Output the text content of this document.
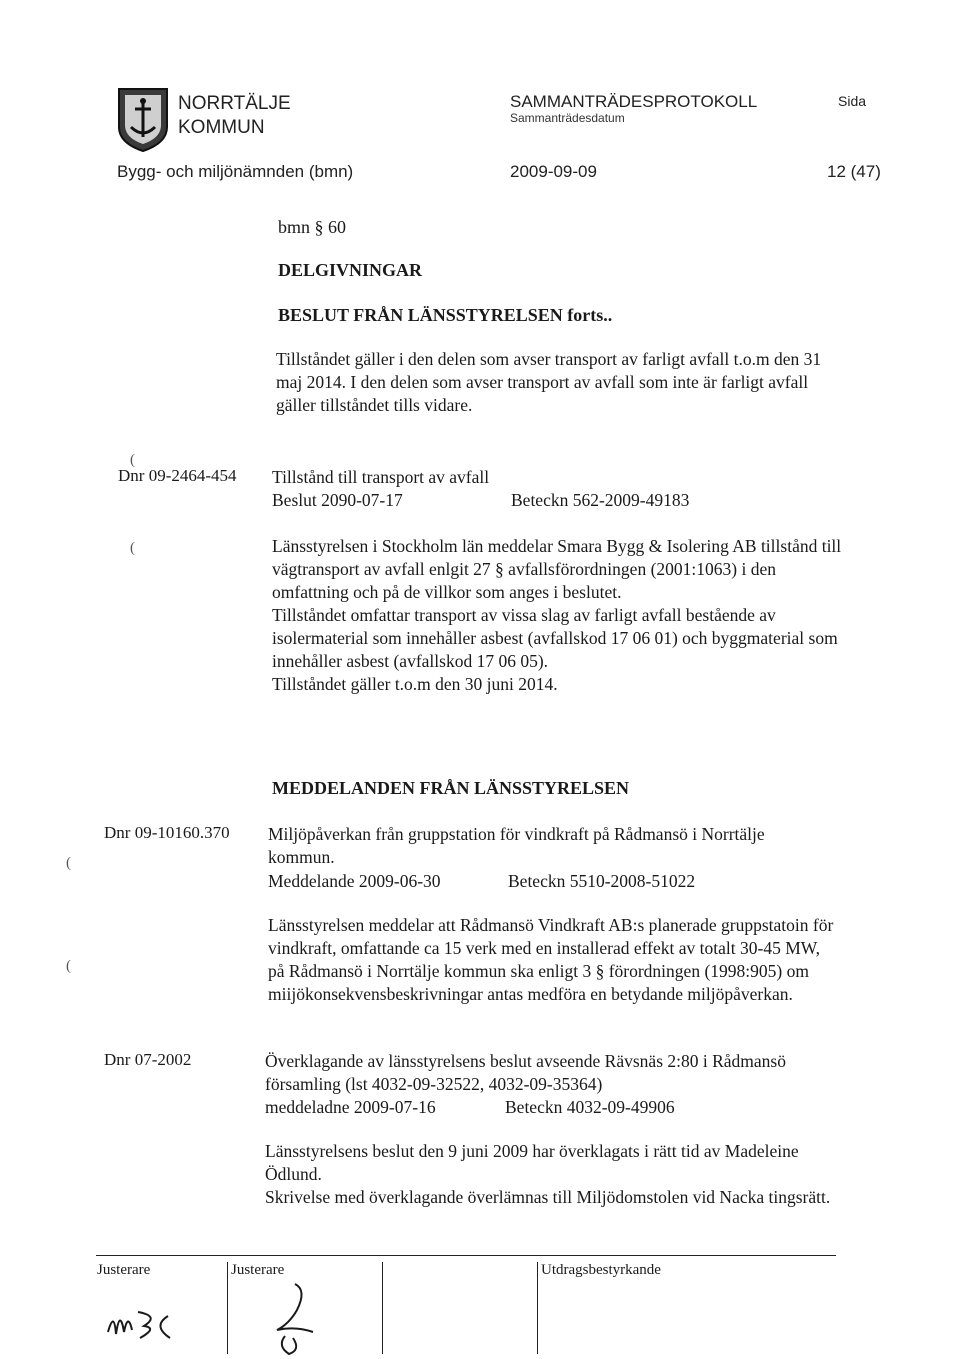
NORRTÄLJE
KOMMUN
SAMMANTRÄDESPROTOKOLL
Sammanträdesdatum
Sida
Bygg- och miljönämnden (bmn)	2009-09-09	12 (47)
bmn § 60
DELGIVNINGAR
BESLUT FRÅN LÄNSSTYRELSEN forts..
Tillståndet gäller i den delen som avser transport av farligt avfall t.o.m den 31
maj 2014. I den delen som avser transport av avfall som inte är farligt avfall
gäller tillståndet tills vidare.
(
Dnr 09-2464-454 Tillstånd till transport av avfall
Beslut 2090-07-17	Beteckn 562-2009-49183
(	Länsstyrelsen i Stockholm län meddelar Smara Bygg & Isolering AB tillstånd till
vägtransport av avfall enlgit 27 § avfallsförordningen (2001:1063) i den
omfattning och på de villkor som anges i beslutet.
Tillståndet omfattar transport av vissa slag av farligt avfall bestående av
isolermaterial som innehåller asbest (avfallskod 17 06 01) och byggmaterial som
innehåller asbest (avfallskod 17 06 05).
Tillståndet gäller t.o.m den 30 juni 2014.
MEDDELANDEN FRÅN LÄNSSTYRELSEN
(
Dnr 09-10160.370 Miljöpåverkan från gruppstation för vindkraft på Rådmansö i Norrtälje
kommun.
Meddelande 2009-06-30	Beteckn 5510-2008-51022
(
Länsstyrelsen meddelar att Rådmansö Vindkraft AB:s planerade gruppstatoin för
vindkraft, omfattande ca 15 verk med en installerad effekt av totalt 30-45 MW,
på Rådmansö i Norrtälje kommun ska enligt 3 § förordningen (1998:905) om
miijökonsekvensbeskrivningar antas medföra en betydande miljöpåverkan.
Dnr 07-2002	Överklagande av länsstyrelsens beslut avseende Rävsnäs 2:80 i Rådmansö
församling (lst 4032-09-32522, 4032-09-35364)
meddeladne 2009-07-16	Beteckn 4032-09-49906
Länsstyrelsens beslut den 9 juni 2009 har överklagats i rätt tid av Madeleine
Ödlund.
Skrivelse med överklagande överlämnas till Miljödomstolen vid Nacka tingsrätt.
Justerare	Justerare	Utdragsbestyrkande
